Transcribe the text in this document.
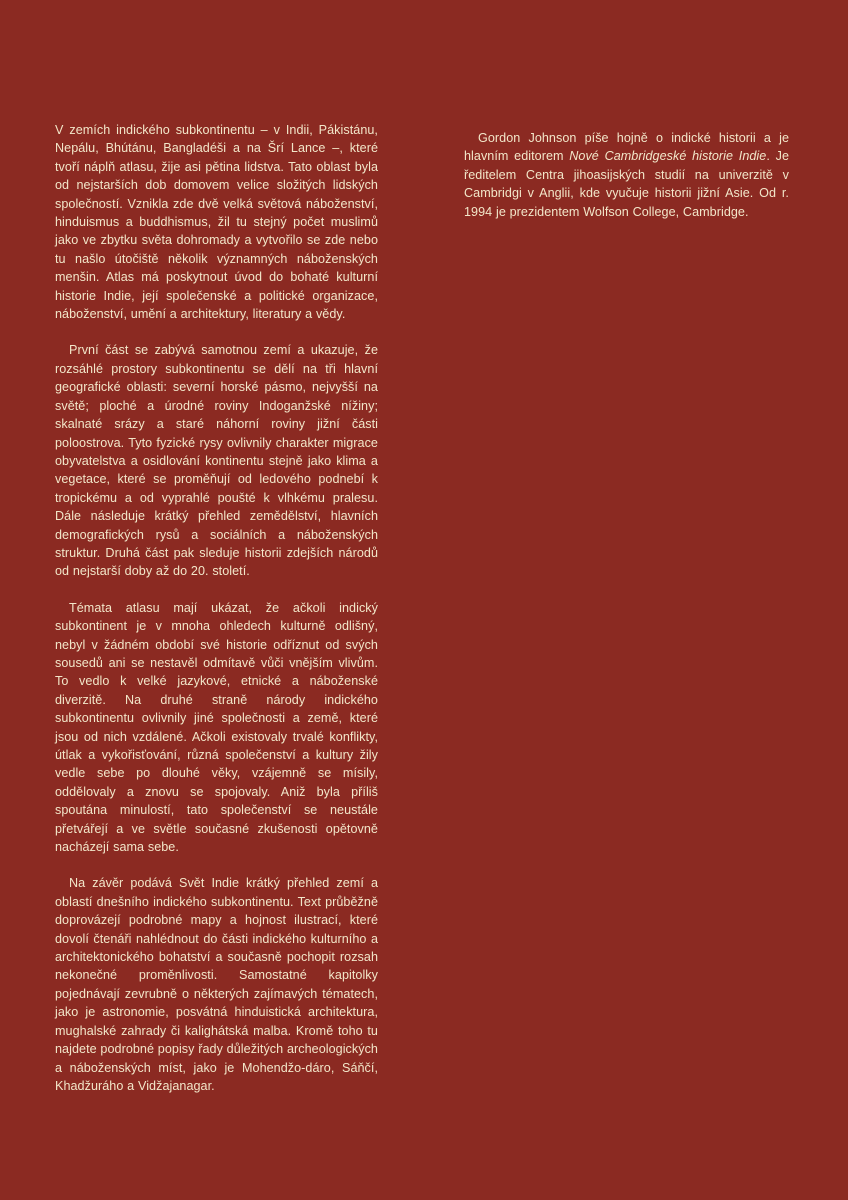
V zemích indického subkontinentu – v Indii, Pákistánu, Nepálu, Bhútánu, Bangladéši a na Šrí Lance –, které tvoří náplň atlasu, žije asi pětina lidstva. Tato oblast byla od nejstarších dob domovem velice složitých lidských společností. Vznikla zde dvě velká světová náboženství, hinduismus a buddhismus, žil tu stejný počet muslimů jako ve zbytku světa dohromady a vytvořilo se zde nebo tu našlo útočiště několik významných náboženských menšin. Atlas má poskytnout úvod do bohaté kulturní historie Indie, její společenské a politické organizace, náboženství, umění a architektury, literatury a vědy.

První část se zabývá samotnou zemí a ukazuje, že rozsáhlé prostory subkontinentu se dělí na tři hlavní geografické oblasti: severní horské pásmo, nejvyšší na světě; ploché a úrodné roviny Indoganžské nížiny; skalnaté srázy a staré náhorní roviny jižní části poloostrova. Tyto fyzické rysy ovlivnily charakter migrace obyvatelstva a osidlování kontinentu stejně jako klima a vegetace, které se proměňují od ledového podnebí k tropickému a od vyprahlé poušté k vlhkému pralesu. Dále následuje krátký přehled zemědělství, hlavních demografických rysů a sociálních a náboženských struktur. Druhá část pak sleduje historii zdejších národů od nejstarší doby až do 20. století.

Témata atlasu mají ukázat, že ačkoli indický subkontinent je v mnoha ohledech kulturně odlišný, nebyl v žádném období své historie odříznut od svých sousedů ani se nestavěl odmítavě vůči vnějším vlivům. To vedlo k velké jazykové, etnické a náboženské diverzitě. Na druhé straně národy indického subkontinentu ovlivnily jiné společnosti a země, které jsou od nich vzdálené. Ačkoli existovaly trvalé konflikty, útlak a vykořisťování, různá společenství a kultury žily vedle sebe po dlouhé věky, vzájemně se mísily, oddělovaly a znovu se spojovaly. Aniž byla příliš spoutána minulostí, tato společenství se neustále přetvářejí a ve světle současné zkušenosti opětovně nacházejí sama sebe.

Na závěr podává Svět Indie krátký přehled zemí a oblastí dnešního indického subkontinentu. Text průběžně doprovázejí podrobné mapy a hojnost ilustrací, které dovolí čtenáři nahlédnout do části indického kulturního a architektonického bohatství a současně pochopit rozsah nekonečné proměnlivosti. Samostatné kapitolky pojednávají zevrubně o některých zajímavých tématech, jako je astronomie, posvátná hinduistická architektura, mughalské zahrady či kalighátská malba. Kromě toho tu najdete podrobné popisy řady důležitých archeologických a náboženských míst, jako je Mohendžo-dáro, Sáňčí, Khadžuráho a Vidžajanagar.

Gordon Johnson píše hojně o indické historii a je hlavním editorem Nové Cambridgeské historie Indie. Je ředitelem Centra jihoasijských studií na univerzitě v Cambridgi v Anglii, kde vyučuje historii jižní Asie. Od r. 1994 je prezidentem Wolfson College, Cambridge.
